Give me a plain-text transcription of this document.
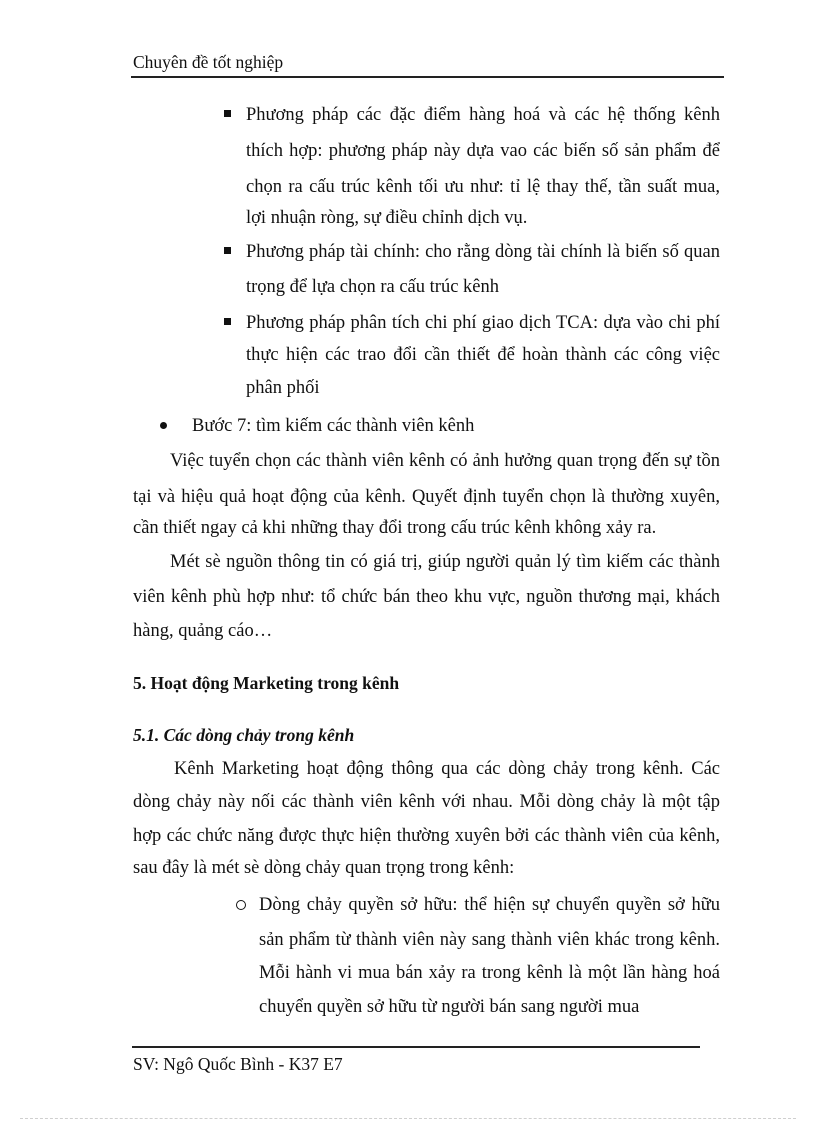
Chuyên đề tốt nghiệp
Phương pháp các đặc điểm hàng hoá và các hệ thống kênh
thích hợp: phương pháp này dựa vao các biến số sản phẩm để
chọn ra cấu trúc kênh tối ưu như: tỉ lệ thay thế, tần suất mua,
lợi nhuận ròng, sự điều chỉnh dịch vụ.
Phương pháp tài chính: cho rằng dòng tài chính là biến số quan
trọng để lựa chọn ra cấu trúc kênh
Phương pháp phân tích chi phí giao dịch TCA: dựa vào chi phí
thực hiện các trao đổi cần thiết để hoàn thành các công việc
phân phối
Bước 7: tìm kiếm các thành viên kênh
Việc tuyển chọn các thành viên kênh có ảnh hưởng quan trọng đến sự tồn
tại và hiệu quả hoạt động của kênh. Quyết định tuyển chọn là thường xuyên,
cần thiết ngay cả khi những thay đổi trong cấu trúc kênh không xảy ra.
Mét sè nguồn thông tin có giá trị, giúp người quản lý tìm kiếm các thành
viên kênh phù hợp như: tổ chức bán theo khu vực, nguồn thương mại, khách
hàng, quảng cáo…
5. Hoạt động Marketing trong kênh
5.1. Các dòng chảy trong kênh
Kênh Marketing hoạt động thông qua các dòng chảy trong kênh. Các
dòng chảy này nối các thành viên kênh với nhau. Mỗi dòng chảy là một tập
hợp các chức năng được thực hiện thường xuyên bởi các thành viên của kênh,
sau đây là mét sè dòng chảy quan trọng trong kênh:
Dòng chảy quyền sở hữu: thể hiện sự chuyển quyền sở hữu
sản phẩm từ thành viên này sang thành viên khác trong kênh.
Mỗi hành vi mua bán xảy ra trong kênh là một lần hàng hoá
chuyển quyền sở hữu từ người bán sang người mua
SV: Ngô Quốc Bình - K37 E7
